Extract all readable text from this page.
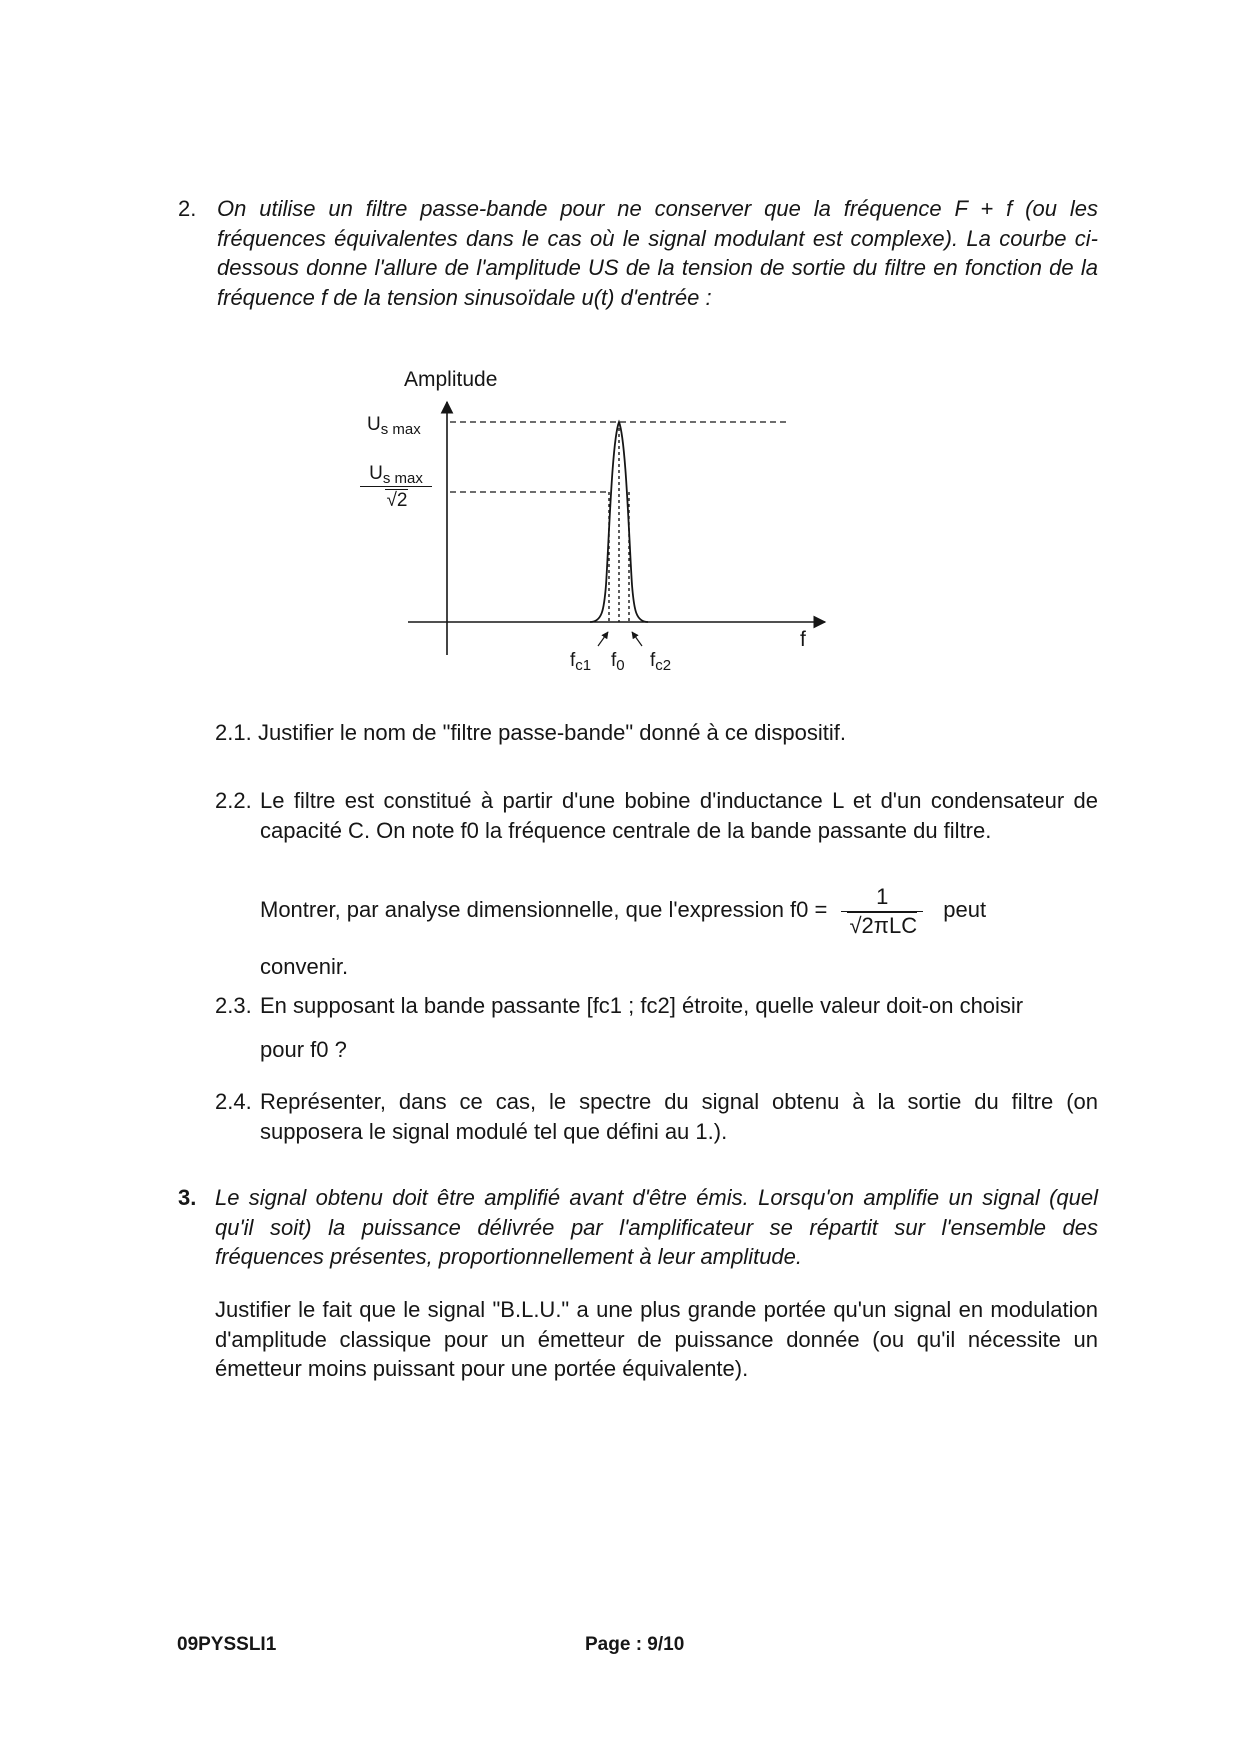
2. On utilise un filtre passe-bande pour ne conserver que la fréquence F + f (ou les fréquences équivalentes dans le cas où le signal modulant est complexe). La courbe ci-dessous donne l'allure de l'amplitude US de la tension de sortie du filtre en fonction de la fréquence f de la tension sinusoïdale u(t) d'entrée :
Amplitude
$U_{s max}$
$U_{s max}$
√2
f
$f_{c1}$ $f_0$ $f_{c2}$
2.1. Justifier le nom de "filtre passe-bande" donné à ce dispositif.
2.2. Le filtre est constitué à partir d'une bobine d'inductance L et d'un condensateur de capacité C. On note f0 la fréquence centrale de la bande passante du filtre.
Montrer, par analyse dimensionnelle, que l'expression $f0 = \frac{1}{\text{√2πLC}}$ peut
convenir.
2.3. En supposant la bande passante [fc1 ; fc2] étroite, quelle valeur doit-on choisir
pour f0 ?
2.4. Représenter, dans ce cas, le spectre du signal obtenu à la sortie du filtre (on supposera le signal modulé tel que défini au 1.).
3. Le signal obtenu doit être amplifié avant d'être émis. Lorsqu'on amplifie un signal (quel qu'il soit) la puissance délivrée par l'amplificateur se répartit sur l'ensemble des fréquences présentes, proportionnellement à leur amplitude.
Justifier le fait que le signal "B.L.U." a une plus grande portée qu'un signal en modulation d'amplitude classique pour un émetteur de puissance donnée (ou qu'il nécessite un émetteur moins puissant pour une portée équivalente).
09PYSSLI1	Page : 9/10
